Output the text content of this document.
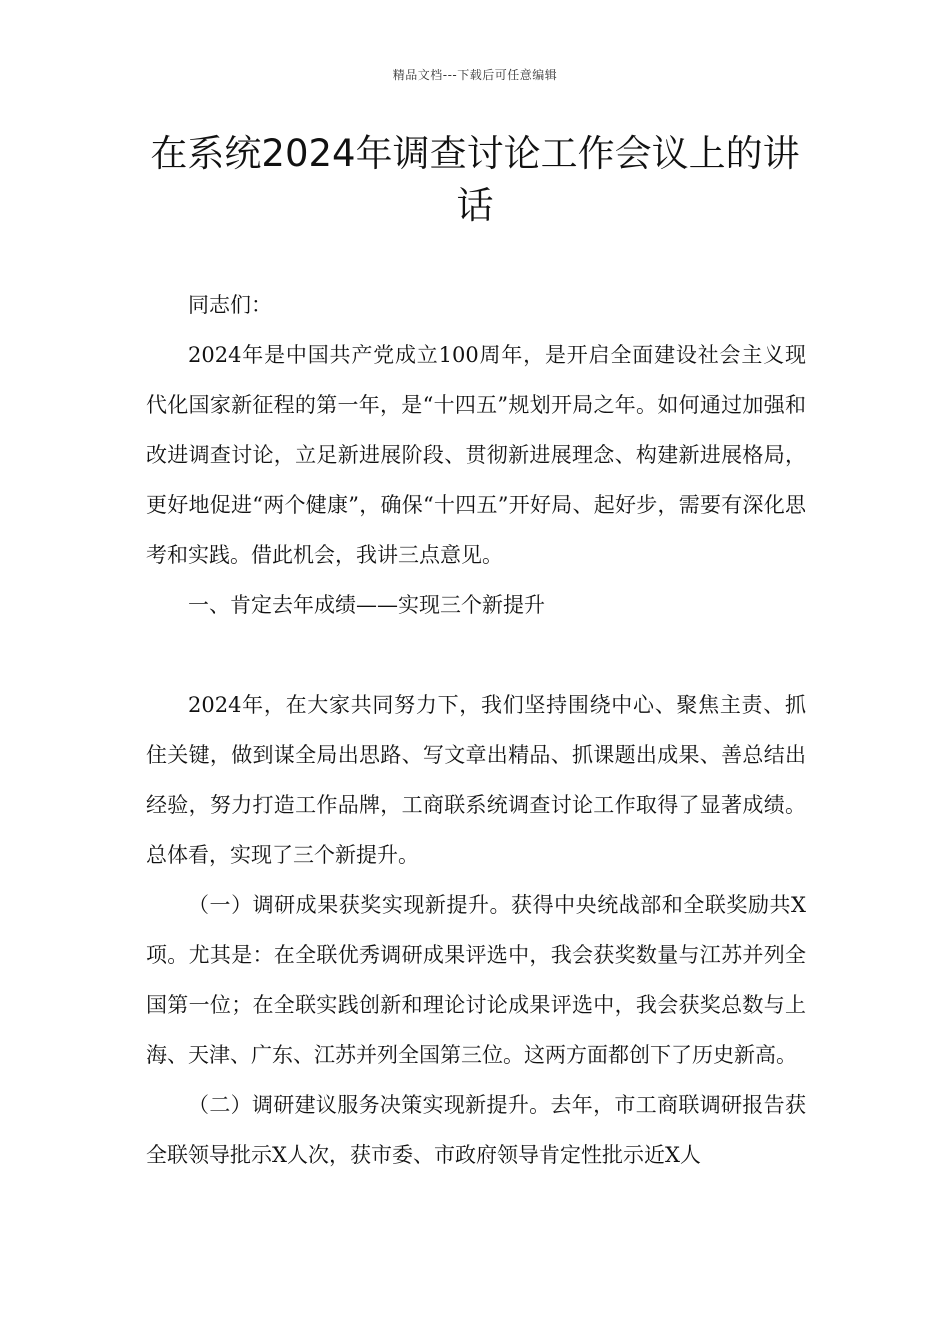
精品文档---下载后可任意编辑
在系统2024年调查讨论工作会议上的讲话

同志们：

2024年是中国共产党成立100周年，是开启全面建设社会主义现代化国家新征程的第一年，是“十四五”规划开局之年。如何通过加强和改进调查讨论，立足新进展阶段、贯彻新进展理念、构建新进展格局，更好地促进“两个健康”，确保“十四五”开好局、起好步，需要有深化思考和实践。借此机会，我讲三点意见。

一、肯定去年成绩——实现三个新提升

2024年，在大家共同努力下，我们坚持围绕中心、聚焦主责、抓住关键，做到谋全局出思路、写文章出精品、抓课题出成果、善总结出经验，努力打造工作品牌，工商联系统调查讨论工作取得了显著成绩。总体看，实现了三个新提升。

（一）调研成果获奖实现新提升。获得中央统战部和全联奖励共X项。尤其是：在全联优秀调研成果评选中，我会获奖数量与江苏并列全国第一位；在全联实践创新和理论讨论成果评选中，我会获奖总数与上海、天津、广东、江苏并列全国第三位。这两方面都创下了历史新高。

（二）调研建议服务决策实现新提升。去年，市工商联调研报告获全联领导批示X人次，获市委、市政府领导肯定性批示近X人
